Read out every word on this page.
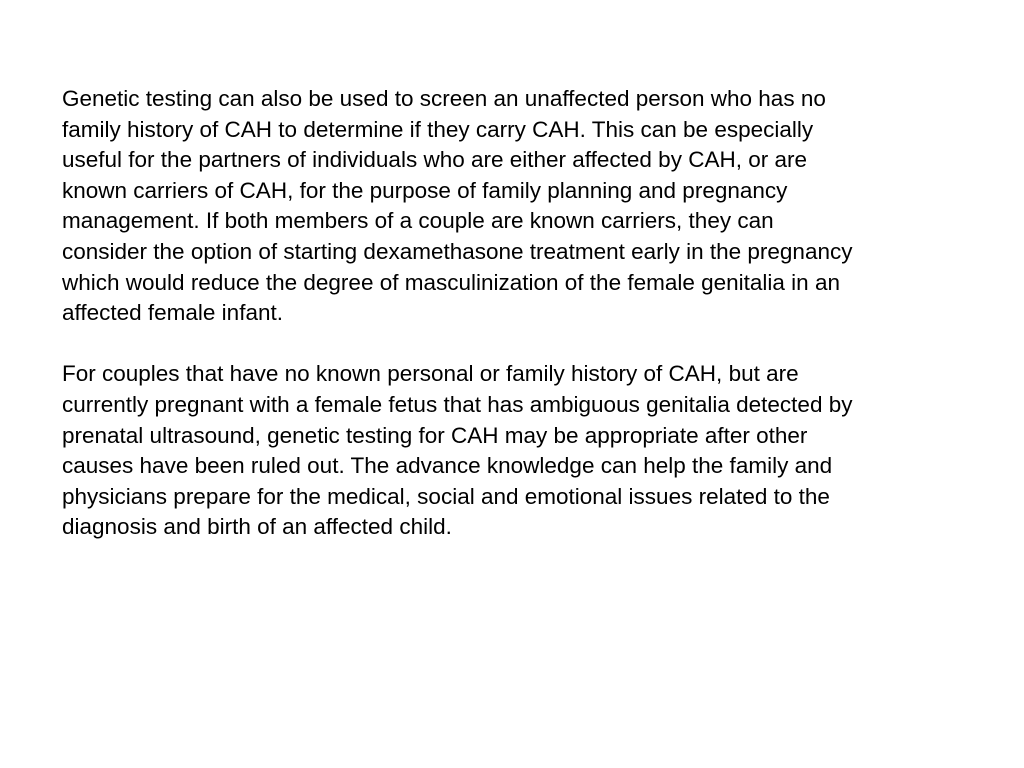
Genetic testing can also be used to screen an unaffected person who has no
family history of CAH to determine if they carry CAH. This can be especially
useful for the partners of individuals who are either affected by CAH, or are
known carriers of CAH, for the purpose of family planning and pregnancy
management. If both members of a couple are known carriers, they can
consider the option of starting dexamethasone treatment early in the pregnancy
which would reduce the degree of masculinization of the female genitalia in an
affected female infant.
For couples that have no known personal or family history of CAH, but are
currently pregnant with a female fetus that has ambiguous genitalia detected by
prenatal ultrasound, genetic testing for CAH may be appropriate after other
causes have been ruled out. The advance knowledge can help the family and
physicians prepare for the medical, social and emotional issues related to the
diagnosis and birth of an affected child.
